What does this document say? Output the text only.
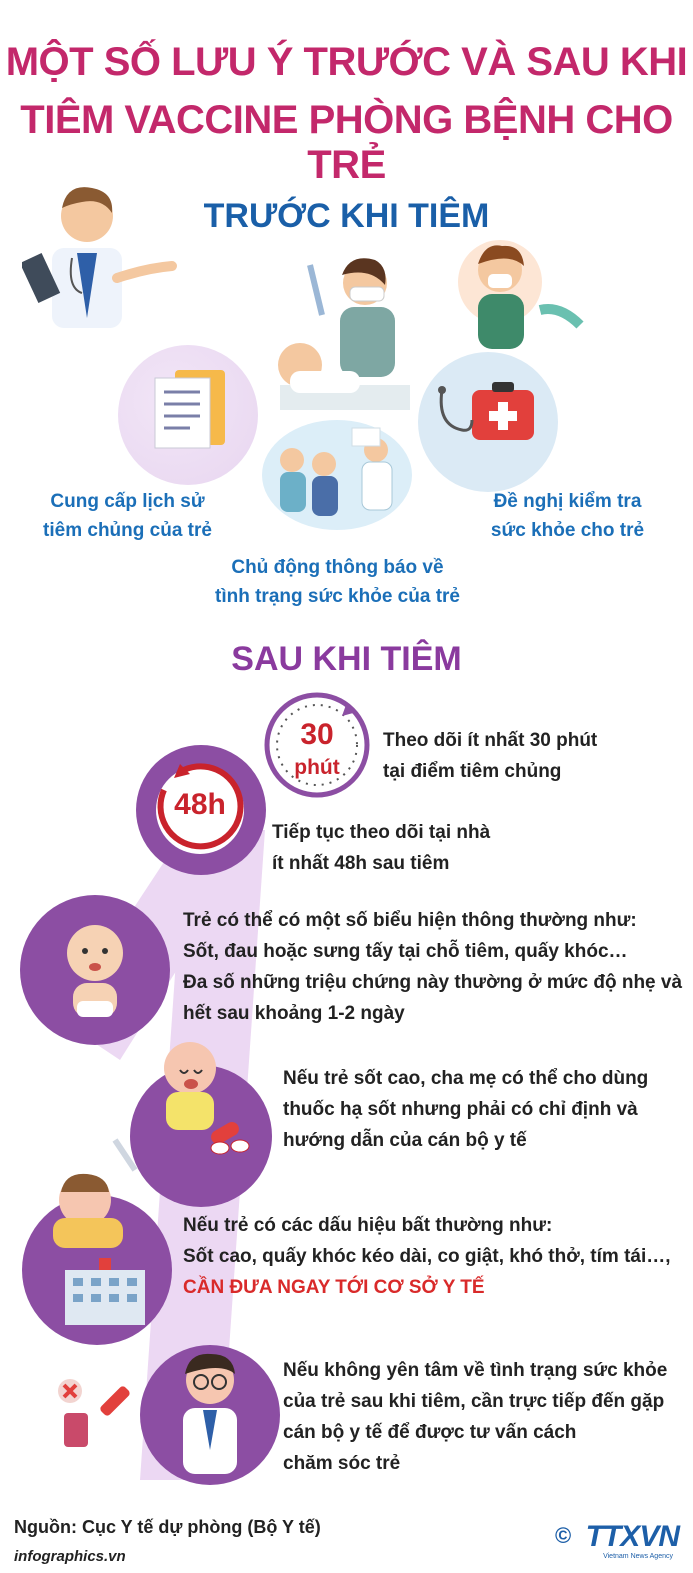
MỘT SỐ LƯU Ý TRƯỚC VÀ SAU KHI
TIÊM VACCINE PHÒNG BỆNH CHO TRẺ
TRƯỚC KHI TIÊM
Cung cấp lịch sử
tiêm chủng của trẻ
Chủ động thông báo về
tình trạng sức khỏe của trẻ
Đề nghị kiểm tra
sức khỏe cho trẻ
SAU KHI TIÊM
30
phút
Theo dõi ít nhất 30 phút
tại điểm tiêm chủng
48h
Tiếp tục theo dõi tại nhà
ít nhất 48h sau tiêm
Trẻ có thể có một số biểu hiện thông thường như:
Sốt, đau hoặc sưng tấy tại chỗ tiêm, quấy khóc…
Đa số những triệu chứng này thường ở mức độ nhẹ và
hết sau khoảng 1-2 ngày
Nếu trẻ sốt cao, cha mẹ có thể cho dùng
thuốc hạ sốt nhưng phải có chỉ định và
hướng dẫn của cán bộ y tế
Nếu trẻ có các dấu hiệu bất thường như:
Sốt cao, quấy khóc kéo dài, co giật, khó thở, tím tái…,
CẦN ĐƯA NGAY TỚI CƠ SỞ Y TẾ
Nếu không yên tâm về tình trạng sức khỏe
của trẻ sau khi tiêm, cần trực tiếp đến gặp
cán bộ y tế để được tư vấn cách
chăm sóc trẻ
Nguồn: Cục Y tế dự phòng (Bộ Y tế)
infographics.vn
© TTXVN
Vietnam News Agency
